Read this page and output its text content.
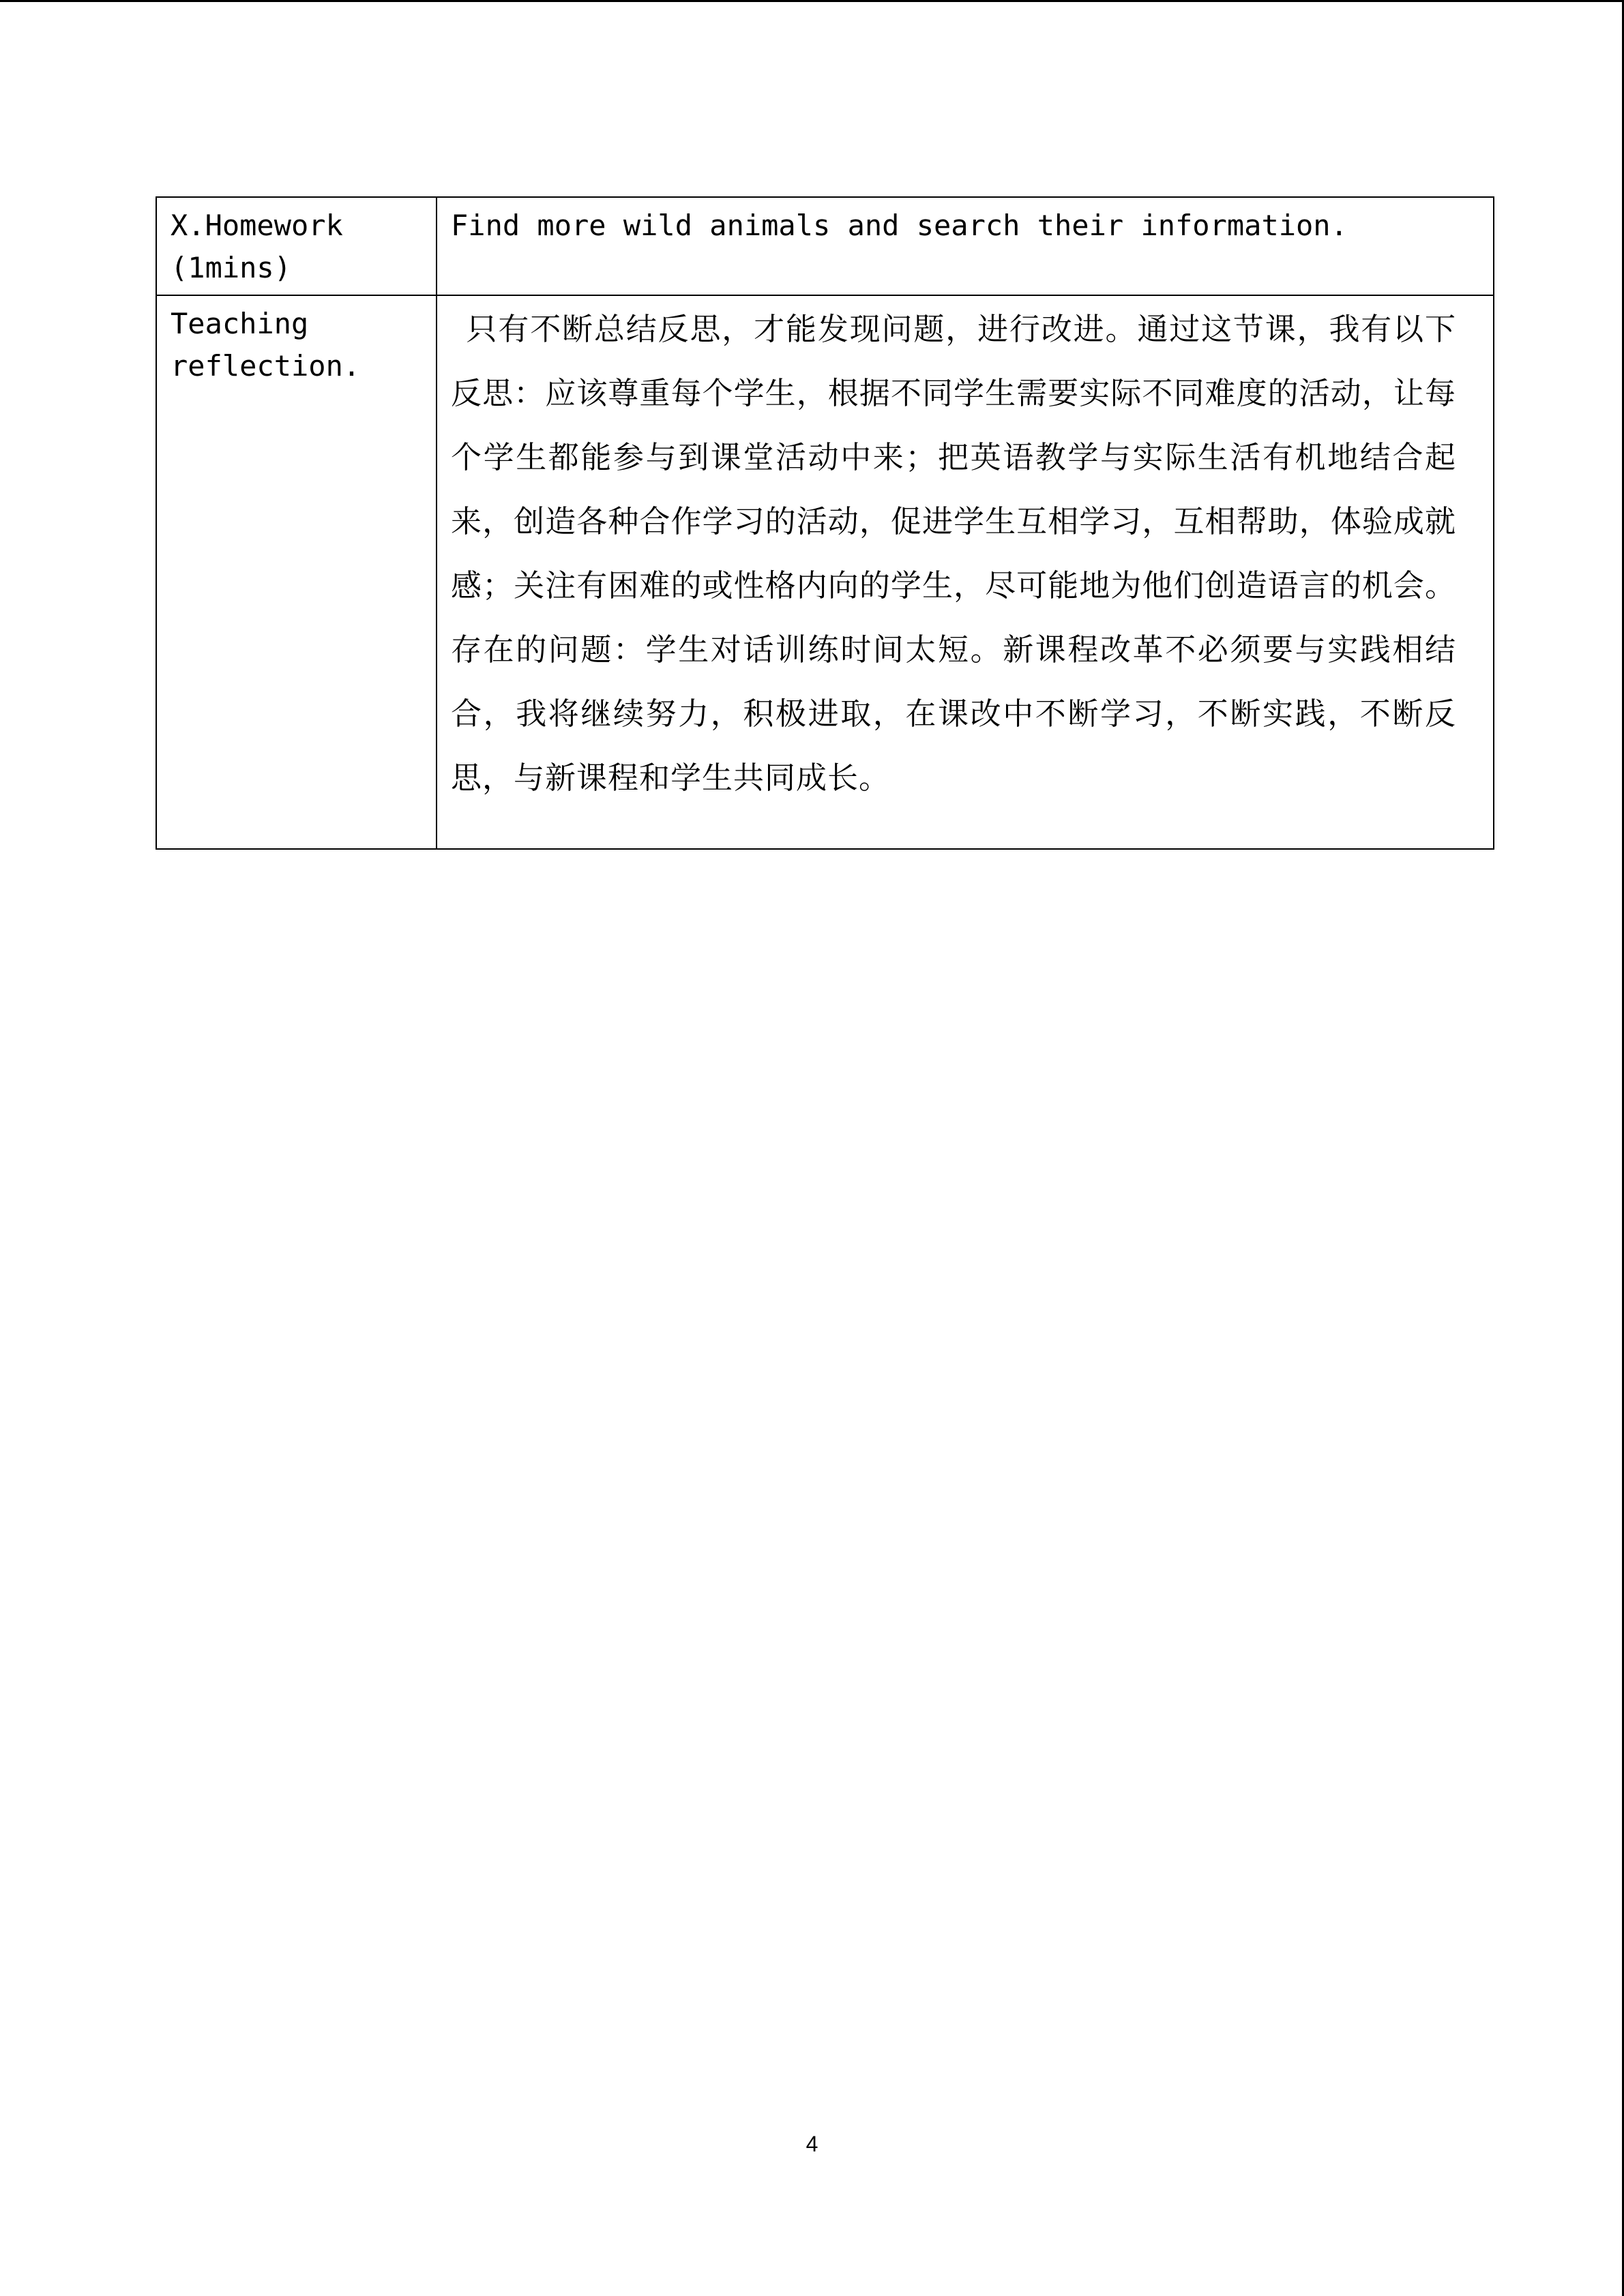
X.Homework
(1mins)	Find more wild animals and search their information.

Teaching
reflection.	只有不断总结反思，才能发现问题，进行改进。通过这节课，我有以下反思：应该尊重每个学生，根据不同学生需要实际不同难度的活动，让每个学生都能参与到课堂活动中来；把英语教学与实际生活有机地结合起来，创造各种合作学习的活动，促进学生互相学习，互相帮助，体验成就感；关注有困难的或性格内向的学生，尽可能地为他们创造语言的机会。存在的问题：学生对话训练时间太短。新课程改革不必须要与实践相结合，我将继续努力，积极进取，在课改中不断学习，不断实践，不断反思，与新课程和学生共同成长。
4
